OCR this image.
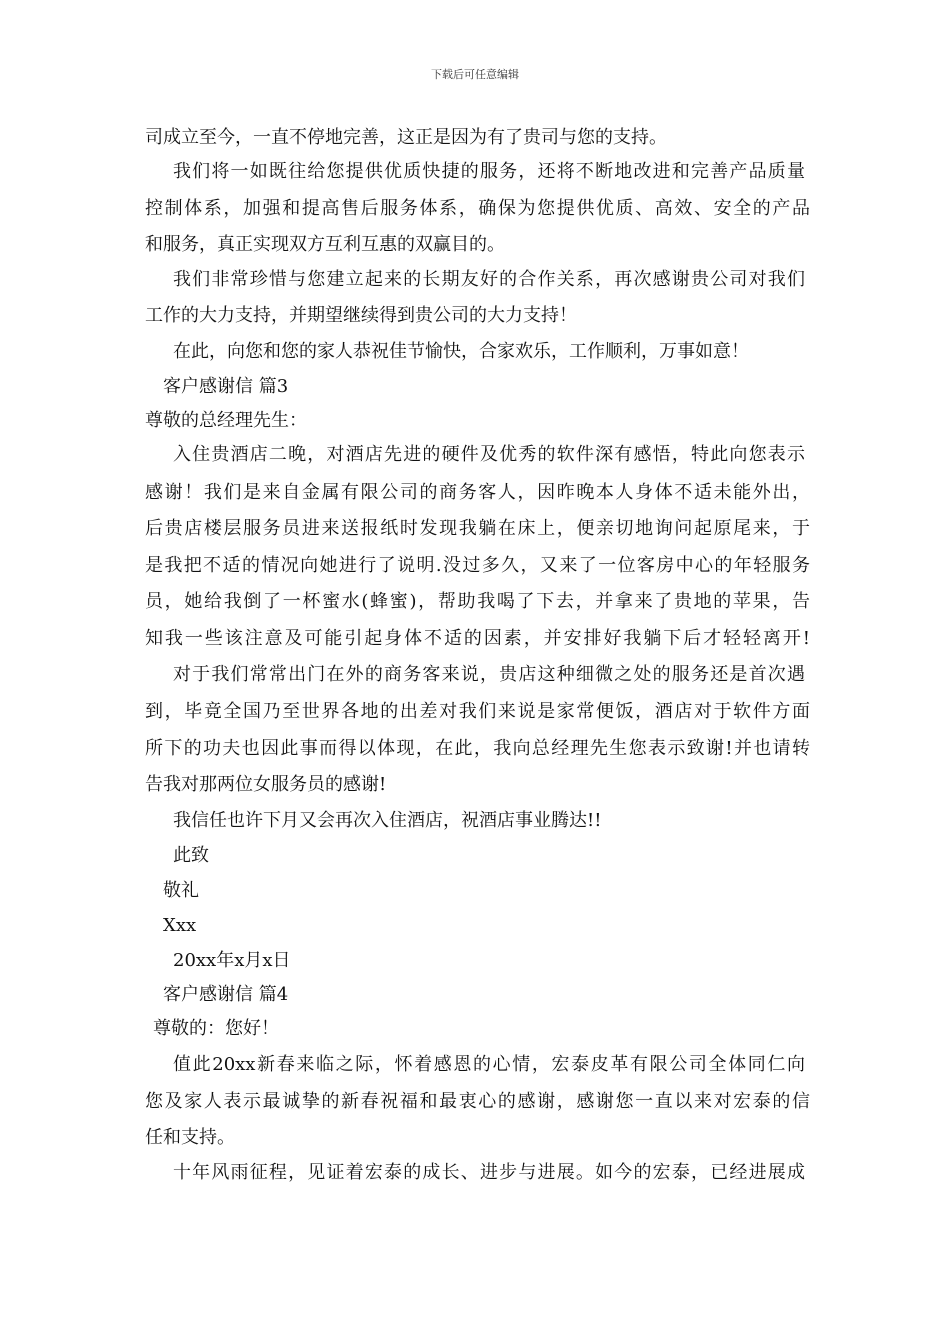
下载后可任意编辑
司成立至今，一直不停地完善，这正是因为有了贵司与您的支持。
我们将一如既往给您提供优质快捷的服务，还将不断地改进和完善产品质量
控制体系，加强和提高售后服务体系，确保为您提供优质、高效、安全的产品
和服务，真正实现双方互利互惠的双赢目的。
我们非常珍惜与您建立起来的长期友好的合作关系，再次感谢贵公司对我们
工作的大力支持，并期望继续得到贵公司的大力支持！
在此，向您和您的家人恭祝佳节愉快，合家欢乐，工作顺利，万事如意！
客户感谢信 篇3
尊敬的总经理先生：
入住贵酒店二晚，对酒店先进的硬件及优秀的软件深有感悟，特此向您表示
感谢！我们是来自金属有限公司的商务客人，因昨晚本人身体不适未能外出，
后贵店楼层服务员进来送报纸时发现我躺在床上，便亲切地询问起原尾来，于
是我把不适的情况向她进行了说明.没过多久，又来了一位客房中心的年轻服务
员，她给我倒了一杯蜜水(蜂蜜)，帮助我喝了下去，并拿来了贵地的苹果，告
知我一些该注意及可能引起身体不适的因素，并安排好我躺下后才轻轻离开!
对于我们常常出门在外的商务客来说，贵店这种细微之处的服务还是首次遇
到，毕竟全国乃至世界各地的出差对我们来说是家常便饭，酒店对于软件方面
所下的功夫也因此事而得以体现，在此，我向总经理先生您表示致谢!并也请转
告我对那两位女服务员的感谢!
我信任也许下月又会再次入住酒店，祝酒店事业腾达!!
此致
敬礼
Xxx
20xx年x月x日
客户感谢信 篇4
尊敬的：您好！
值此20xx新春来临之际，怀着感恩的心情，宏泰皮革有限公司全体同仁向
您及家人表示最诚挚的新春祝福和最衷心的感谢，感谢您一直以来对宏泰的信
任和支持。
十年风雨征程，见证着宏泰的成长、进步与进展。如今的宏泰，已经进展成
